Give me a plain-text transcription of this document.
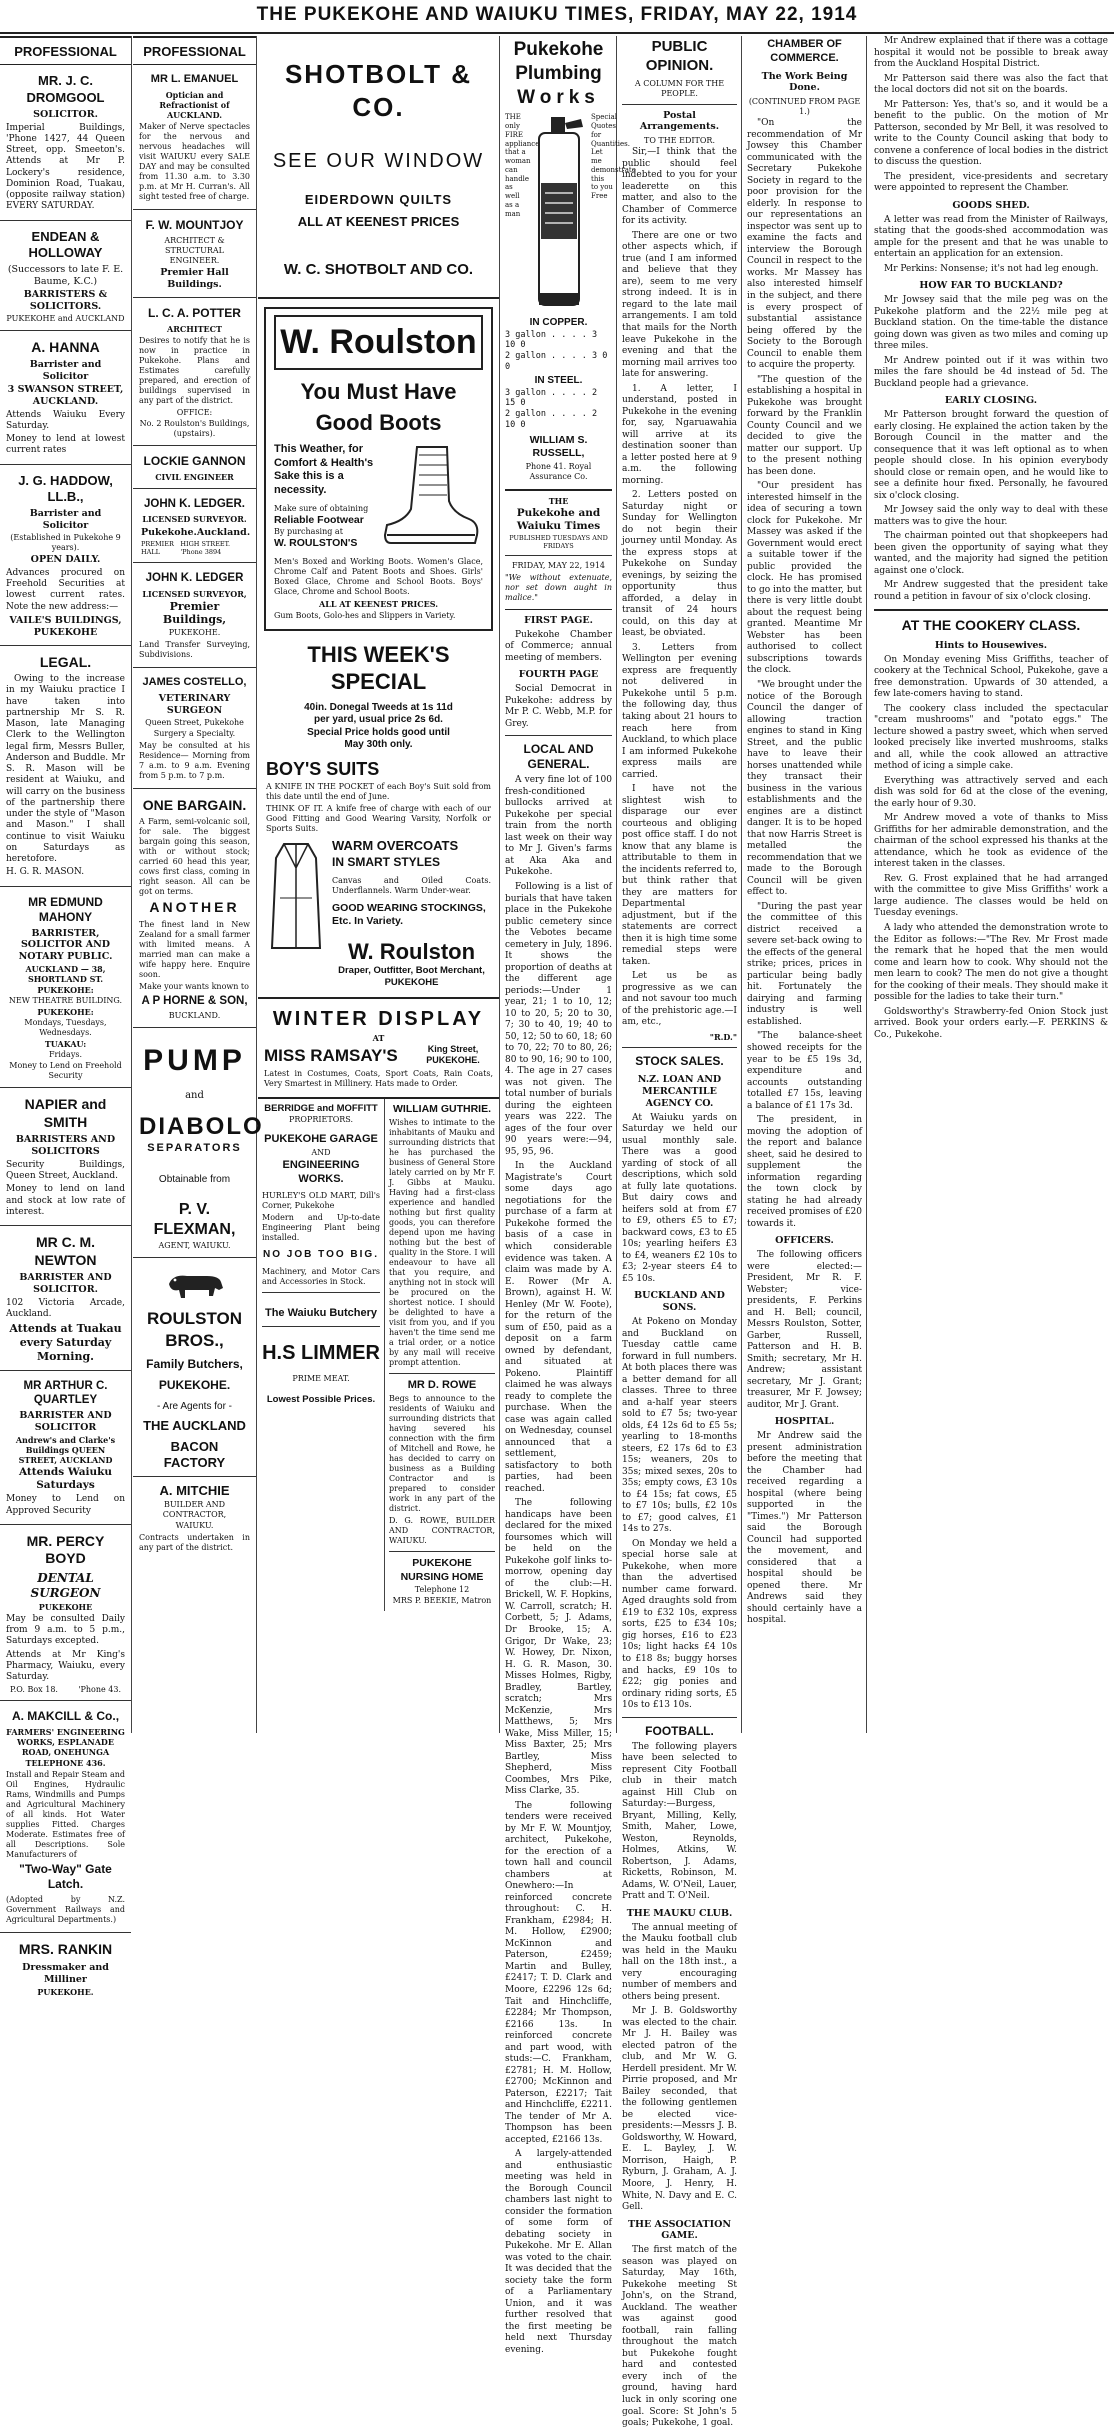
THE PUKEKOHE AND WAIUKU TIMES, FRIDAY, MAY 22, 1914
PROFESSIONAL
MR. J. C. DROMGOOL
SOLICITOR.
Imperial Buildings, 'Phone 1427, 44 Queen Street, opp. Smeeton's. Attends at Mr P. Lockery's residence, Dominion Road, Tuakau, (opposite railway station) EVERY SATURDAY.
ENDEAN & HOLLOWAY
(Successors to late F. E. Baume, K.C.)
BARRISTERS & SOLICITORS.
PUKEKOHE and AUCKLAND
A. HANNA
Barrister and Solicitor
3 SWANSON STREET, AUCKLAND.
Attends Waiuku Every Saturday.
Money to lend at lowest current rates
J. G. HADDOW, LL.B.,
Barrister and Solicitor
(Established in Pukekohe 9 years).
OPEN DAILY.
Advances procured on Freehold Securities at lowest current rates. Note the new address:—
VAILE'S BUILDINGS, PUKEKOHE
LEGAL.
Owing to the increase in my Waiuku practice I have taken into partnership Mr S. R. Mason, late Managing Clerk to the Wellington legal firm, Messrs Buller, Anderson and Buddle. Mr S. R. Mason will be resident at Waiuku, and will carry on the business of the partnership there under the style of "Mason and Mason." I shall continue to visit Waiuku on Saturdays as heretofore.
H. G. R. MASON.
MR EDMUND MAHONY
BARRISTER, SOLICITOR AND NOTARY PUBLIC.
AUCKLAND — 38, SHORTLAND ST.
PUKEKOHE:
NEW THEATRE BUILDING.
PUKEKOHE:
Mondays, Tuesdays, Wednesdays.
TUAKAU:
Fridays.
Money to Lend on Freehold Security
NAPIER and SMITH
BARRISTERS AND SOLICITORS
Security Buildings, Queen Street, Auckland.
Money to lend on land and stock at low rate of interest.
MR C. M. NEWTON
BARRISTER AND SOLICITOR.
102 Victoria Arcade, Auckland.
Attends at Tuakau every Saturday Morning.
MR ARTHUR C. QUARTLEY
BARRISTER AND SOLICITOR
Andrew's and Clarke's Buildings QUEEN STREET, AUCKLAND
Attends Waiuku Saturdays
Money to Lend on Approved Security
MR. PERCY BOYD
DENTAL SURGEON
PUKEKOHE
May be consulted Daily from 9 a.m. to 5 p.m., Saturdays excepted.
Attends at Mr King's Pharmacy, Waiuku, every Saturday.
P.O. Box 18.	'Phone 43.
A. MAKCILL & Co.,
FARMERS' ENGINEERING WORKS, ESPLANADE ROAD, ONEHUNGA
TELEPHONE 436.
Install and Repair Steam and Oil Engines, Hydraulic Rams, Windmills and Pumps and Agricultural Machinery of all kinds. Hot Water supplies Fitted. Charges Moderate. Estimates free of all Descriptions. Sole Manufacturers of
"Two-Way" Gate Latch.
(Adopted by N.Z. Government Railways and Agricultural Departments.)
MRS. RANKIN
Dressmaker and Milliner
PUKEKOHE.
PROFESSIONAL
MR L. EMANUEL
Optician and Refractionist of AUCKLAND.
Maker of Nerve spectacles for the nervous and nervous headaches will visit WAIUKU every SALE DAY and may be consulted from 11.30 a.m. to 3.30 p.m. at Mr H. Curran's. All sight tested free of charge.
F. W. MOUNTJOY
ARCHITECT & STRUCTURAL ENGINEER.
Premier Hall Buildings.
L. C. A. POTTER
ARCHITECT
Desires to notify that he is now in practice in Pukekohe. Plans and Estimates carefully prepared, and erection of buildings supervised in any part of the district.
OFFICE:
No. 2 Roulston's Buildings, (upstairs).
LOCKIE GANNON
CIVIL ENGINEER
JOHN K. LEDGER.
LICENSED SURVEYOR.
Pukekohe. Auckland.
PREMIER HALL
HIGH STREET. 'Phone 3894
JOHN K. LEDGER
LICENSED SURVEYOR,
Premier Buildings,
PUKEKOHE.
Land Transfer Surveying, Subdivisions.
JAMES COSTELLO,
VETERINARY SURGEON
Queen Street, Pukekohe
Surgery a Specialty.
May be consulted at his Residence— Morning from 7 a.m. to 9 a.m. Evening from 5 p.m. to 7 p.m.
ONE BARGAIN.
A Farm, semi-volcanic soil, for sale. The biggest bargain going this season, with or without stock; carried 60 head this year, cows first class, coming in right season. All can be got on terms.
ANOTHER
The finest land in New Zealand for a small farmer with limited means. A married man can make a wife happy here. Enquire soon.
Make your wants known to
A P HORNE & SON,
BUCKLAND.
PUMP
and
DIABOLO
SEPARATORS
Obtainable from
P. V. FLEXMAN,
AGENT, WAIUKU.
ROULSTON BROS.,
Family Butchers,
PUKEKOHE.
- Are Agents for -
THE AUCKLAND
BACON FACTORY
A. MITCHIE
BUILDER AND CONTRACTOR,
WAIUKU.
Contracts undertaken in any part of the district.
SHOTBOLT & CO.
SEE OUR WINDOW
EIDERDOWN QUILTS
ALL AT KEENEST PRICES
W. C. SHOTBOLT AND CO.
W. Roulston
You Must Have
Good Boots
This Weather, for Comfort & Health's Sake this is a necessity.
Make sure of obtaining
Reliable Footwear
By purchasing at
W. ROULSTON'S
Men's Boxed and Working Boots. Women's Glace, Chrome Calf and Patent Boots and Shoes. Girls' Boxed Glace, Chrome and School Boots. Boys' Glace, Chrome and School Boots.
ALL AT KEENEST PRICES.
Gum Boots, Golo-hes and Slippers in Variety.
THIS WEEK'S SPECIAL
40in. Donegal Tweeds at 1s 11d per yard, usual price 2s 6d. Special Price holds good until May 30th only.
BOY'S SUITS
A KNIFE IN THE POCKET of each Boy's Suit sold from this date until the end of June.
THINK OF IT. A knife free of charge with each of our Good Fitting and Good Wearing Varsity, Norfolk or Sports Suits.
WARM OVERCOATS
IN SMART STYLES
Canvas and Oiled Coats. Underflannels. Warm Under-wear.
GOOD WEARING STOCKINGS, Etc. In Variety.
W. Roulston
Draper, Outfitter, Boot Merchant, PUKEKOHE
WINTER DISPLAY
AT
MISS RAMSAY'S	King Street, PUKEKOHE.
Latest in Costumes, Coats, Sport Coats, Rain Coats, Very Smartest in Millinery. Hats made to Order.
BERRIDGE and MOFFITT
PROPRIETORS.
PUKEKOHE GARAGE
AND
ENGINEERING WORKS.
HURLEY'S OLD MART, Dill's Corner, Pukekohe
Modern and Up-to-date Engineering Plant being installed.
NO JOB TOO BIG.
Machinery, and Motor Cars and Accessories in Stock.
The Waiuku Butchery
H.S LIMMER
PRIME MEAT.
Lowest Possible Prices.
WILLIAM GUTHRIE.
Wishes to intimate to the inhabitants of Mauku and surrounding districts that he has purchased the business of General Store lately carried on by Mr F. J. Gibbs at Mauku. Having had a first-class experience and handled nothing but first quality goods, you can therefore depend upon me having nothing but the best of quality in the Store. I will endeavour to have all that you require, and anything not in stock will be procured on the shortest notice. I should be delighted to have a visit from you, and if you haven't the time send me a trial order, or a notice by any mail will receive prompt attention.
MR D. ROWE
Begs to announce to the residents of Waiuku and surrounding districts that having severed his connection with the firm of Mitchell and Rowe, he has decided to carry on business as a Building Contractor and is prepared to consider work in any part of the district.
D. G. ROWE, BUILDER AND CONTRACTOR, WAIUKU.
PUKEKOHE NURSING HOME
Telephone 12
MRS P. BEEKIE, Matron
Pukekohe
Plumbing
Works
THE only FIRE appliance that a woman can handle as well as a man
Special Quotes for Quantities. Let me demonstrate this to you Free
IN COPPER.
3 gallon . . . . 3 10 0
2 gallon . . . . 3 0 0
IN STEEL.
3 gallon . . . . 2 15 0
2 gallon . . . . 2 10 0
WILLIAM S. RUSSELL,
Phone 41. Royal Assurance Co.
THE
Pukekohe and Waiuku Times
PUBLISHED TUESDAYS AND FRIDAYS
FRIDAY, MAY 22, 1914
"We without extenuate, nor set down aught in malice."
FIRST PAGE.

Pukekohe Chamber of Commerce; annual meeting of members.

FOURTH PAGE

Social Democrat in Pukekohe: address by Mr P. C. Webb, M.P. for Grey.

LOCAL AND GENERAL.

A very fine lot of 100 fresh-conditioned bullocks arrived at Pukekohe per special train from the north last week on their way to Mr J. Given's farms at Aka Aka and Pukekohe.

Following is a list of burials that have taken place in the Pukekohe public cemetery since the Vebotes became cemetery in July, 1896. It shows the proportion of deaths at the different age periods:—Under 1 year, 21; 1 to 10, 12; 10 to 20, 5; 20 to 30, 7; 30 to 40, 19; 40 to 50, 12; 50 to 60, 18; 60 to 70, 22; 70 to 80, 26; 80 to 90, 16; 90 to 100, 4. The age in 27 cases was not given. The total number of burials during the eighteen years was 222. The ages of the four over 90 years were:—94, 95, 95, 96.

In the Auckland Magistrate's Court some days ago negotiations for the purchase of a farm at Pukekohe formed the basis of a case in which considerable evidence was taken. A claim was made by A. E. Rower (Mr A. Brown), against H. W. Henley (Mr W. Foote), for the return of the sum of £50, paid as a deposit on a farm owned by defendant, and situated at Pokeno. Plaintiff claimed he was always ready to complete the purchase. When the case was again called on Wednesday, counsel announced that a settlement, satisfactory to both parties, had been reached.

The following handicaps have been declared for the mixed foursomes which will be held on the Pukekohe golf links to-morrow, opening day of the club:—H. Brickell, W. F. Hopkins, W. Carroll, scratch; H. Corbett, 5; J. Adams, Dr Brooke, 15; A. Grigor, Dr Wake, 23; W. Howey, Dr. Nixon, H. G. R. Mason, 30. Misses Holmes, Rigby, Bradley, Bartley, scratch; Mrs McKenzie, Mrs Matthews, 5; Mrs Wake, Miss Miller, 15; Miss Baxter, 25; Mrs Bartley, Miss Shepherd, Miss Coombes, Mrs Pike, Miss Clarke, 35.

The following tenders were received by Mr F. W. Mountjoy, architect, Pukekohe, for the erection of a town hall and council chambers at Onewhero:—In reinforced concrete throughout: C. H. Frankham, £2984; H. M. Hollow, £2900; McKinnon and Paterson, £2459; Martin and Bulley, £2417; T. D. Clark and Moore, £2296 12s 6d; Tait and Hinchcliffe, £2284; Mr Thompson, £2166 13s. In reinforced concrete and part wood, with studs:—C. Frankham, £2781; H. M. Hollow, £2700; McKinnon and Paterson, £2217; Tait and Hinchcliffe, £2211. The tender of Mr A. Thompson has been accepted, £2166 13s.

A largely-attended and enthusiastic meeting was held in the Borough Council chambers last night to consider the formation of some form of debating society in Pukekohe. Mr E. Allan was voted to the chair. It was decided that the society take the form of a Parliamentary Union, and it was further resolved that the first meeting be held next Thursday evening.

PUBLIC OPINION.
A COLUMN FOR THE PEOPLE.
Postal Arrangements.
TO THE EDITOR.

Sir,—I think that the public should feel indebted to you for your leaderette on this matter, and also to the Chamber of Commerce for its activity.

There are one or two other aspects which, if true (and I am informed and believe that they are), seem to me very strong indeed. It is in regard to the late mail arrangements. I am told that mails for the North leave Pukekohe in the evening and that the morning mail arrives too late for answering.

1. A letter, I understand, posted in Pukekohe in the evening for, say, Ngaruawahia will arrive at its destination sooner than a letter posted here at 9 a.m. the following morning.

2. Letters posted on Saturday night or Sunday for Wellington do not begin their journey until Monday. As the express stops at Pukekohe on Sunday evenings, by seizing the opportunity thus afforded, a delay in transit of 24 hours could, on this day at least, be obviated.

3. Letters from Wellington per evening express are frequently not delivered in Pukekohe until 5 p.m. the following day, thus taking about 21 hours to reach here from Auckland, to which place I am informed Pukekohe express mails are carried.

I have not the slightest wish to disparage our ever courteous and obliging post office staff. I do not know that any blame is attributable to them in the incidents referred to, but think rather that they are matters for Departmental adjustment, but if the statements are correct then it is high time some remedial steps were taken.

Let us be as progressive as we can and not savour too much of the prehistoric age.—I am, etc.,

"R.D."
STOCK SALES.
N.Z. LOAN AND MERCANTILE AGENCY CO.

At Waiuku yards on Saturday we held our usual monthly sale. There was a good yarding of stock of all descriptions, which sold at fully late quotations. But dairy cows and heifers sold at from £7 to £9, others £5 to £7; backward cows, £3 to £5 10s; yearling heifers £3 to £4, weaners £2 10s to £3; 2-year steers £4 to £5 10s.

BUCKLAND AND SONS.

At Pokeno on Monday and Buckland on Tuesday cattle came forward in full numbers. At both places there was a better demand for all classes. Three to three and a-half year steers sold to £7 5s; two-year olds, £4 12s 6d to £5 5s; yearling to 18-months steers, £2 17s 6d to £3 15s; weaners, 20s to 35s; mixed sexes, 20s to 35s; empty cows, £3 10s to £4 15s; fat cows, £5 to £7 10s; bulls, £2 10s to £7; good calves, £1 14s to 27s.

On Monday we held a special horse sale at Pukekohe, when more than the advertised number came forward. Aged draughts sold from £19 to £32 10s, express sorts, £25 to £34 10s; gig horses, £16 to £23 10s; light hacks £4 10s to £18 8s; buggy horses and hacks, £9 10s to £22; gig ponies and ordinary riding sorts, £5 10s to £13 10s.

FOOTBALL.

The following players have been selected to represent City Football club in their match against Hill Club on Saturday:—Burgess, Bryant, Milling, Kelly, Smith, Maher, Lowe, Weston, Reynolds, Holmes, Atkins, W. Robertson, J. Adams, Ricketts, Robinson, M. Adams, W. O'Neil, Lauer, Pratt and T. O'Neil.

THE MAUKU CLUB.

The annual meeting of the Mauku football club was held in the Mauku hall on the 18th inst., a very encouraging number of members and others being present.

Mr J. B. Goldsworthy was elected to the chair. Mr J. H. Bailey was elected patron of the club, and Mr W. G. Herdell president. Mr W. Pirrie proposed, and Mr Bailey seconded, that the following gentlemen be elected vice-presidents:—Messrs J. B. Goldsworthy, W. Howard, E. L. Bayley, J. W. Morrison, Haigh, P. Ryburn, J. Graham, A. J. Moore, J. Henry, H. White, N. Davy and E. C. Gell.

THE ASSOCIATION GAME.

The first match of the season was played on Saturday, May 16th, Pukekohe meeting St John's, on the Strand, Auckland. The weather was against good football, rain falling throughout the match but Pukekohe fought hard and contested every inch of the ground, having hard luck in only scoring one goal. Score: St John's 5 goals; Pukekohe, 1 goal.

CHAMBER OF COMMERCE.
The Work Being Done.
(CONTINUED FROM PAGE 1.)

"On the recommendation of Mr Jowsey this Chamber communicated with the Secretary Pukekohe Society in regard to the poor provision for the elderly. In response to our representations an inspector was sent up to examine the facts and interview the Borough Council in respect to the works. Mr Massey has also interested himself in the subject, and there is every prospect of substantial assistance being offered by the Society to the Borough Council to enable them to acquire the property.

"The question of the establishing a hospital in Pukekohe was brought forward by the Franklin County Council and we decided to give the matter our support. Up to the present nothing has been done.

"Our president has interested himself in the idea of securing a town clock for Pukekohe. Mr Massey was asked if the Government would erect a suitable tower if the public provided the clock. He has promised to go into the matter, but there is very little doubt about the request being granted. Meantime Mr Webster has been authorised to collect subscriptions towards the clock.

"We brought under the notice of the Borough Council the danger of allowing traction engines to stand in King Street, and the public have to leave their horses unattended while they transact their business in the various establishments and the engines are a distinct danger. It is to be hoped that now Harris Street is metalled the recommendation that we made to the Borough Council will be given effect to.

"During the past year the committee of this district received a severe set-back owing to the effects of the general strike; prices, prices in particular being badly hit. Fortunately the dairying and farming industry is well established.

"The balance-sheet showed receipts for the year to be £5 19s 3d, expenditure and accounts outstanding totalled £7 15s, leaving a balance of £1 17s 3d.

The president, in moving the adoption of the report and balance sheet, said he desired to supplement the information regarding the town clock by stating he had already received promises of £20 towards it.

OFFICERS.

The following officers were elected:—President, Mr R. F. Webster; vice-presidents, F. Perkins and H. Bell; council, Messrs Roulston, Sotter, Garber, Russell, Patterson and H. B. Smith; secretary, Mr H. Andrew; assistant secretary, Mr J. Grant; treasurer, Mr F. Jowsey; auditor, Mr J. Grant.

HOSPITAL.

Mr Andrew said the present administration before the meeting that the Chamber had received regarding a hospital (where being supported in the "Times.") Mr Patterson said the Borough Council had supported the movement, and considered that a hospital should be opened there. Mr Andrews said they should certainly have a hospital.

Mr Andrew explained that if there was a cottage hospital it would not be possible to break away from the Auckland Hospital District.

Mr Patterson said there was also the fact that the local doctors did not sit on the boards.

Mr Patterson: Yes, that's so, and it would be a benefit to the public. On the motion of Mr Patterson, seconded by Mr Bell, it was resolved to write to the County Council asking that body to convene a conference of local bodies in the district to discuss the question.

The president, vice-presidents and secretary were appointed to represent the Chamber.

GOODS SHED.

A letter was read from the Minister of Railways, stating that the goods-shed accommodation was ample for the present and that he was unable to entertain an application for an extension.

Mr Perkins: Nonsense; it's not had leg enough.

HOW FAR TO BUCKLAND?

Mr Jowsey said that the mile peg was on the Pukekohe platform and the 22½ mile peg at Buckland station. On the time-table the distance going down was given as two miles and coming up three miles.

Mr Andrew pointed out if it was within two miles the fare should be 4d instead of 5d. The Buckland people had a grievance.

EARLY CLOSING.

Mr Patterson brought forward the question of early closing. He explained the action taken by the Borough Council in the matter and the consequence that it was left optional as to when people should close. In his opinion everybody should close or remain open, and he would like to see a definite hour fixed. Personally, he favoured six o'clock closing.

Mr Jowsey said the only way to deal with these matters was to give the hour.

The chairman pointed out that shopkeepers had been given the opportunity of saying what they wanted, and the majority had signed the petition against one o'clock.

Mr Andrew suggested that the president take round a petition in favour of six o'clock closing.

AT THE COOKERY CLASS.
Hints to Housewives.

On Monday evening Miss Griffiths, teacher of cookery at the Technical School, Pukekohe, gave a free demonstration. Upwards of 30 attended, a few late-comers having to stand.

The cookery class included the spectacular "cream mushrooms" and "potato eggs." The lecture showed a pastry sweet, which when served looked precisely like inverted mushrooms, stalks and all, while the cook allowed an attractive method of icing a simple cake.

Everything was attractively served and each dish was sold for 6d at the close of the evening, the early hour of 9.30.

Mr Andrew moved a vote of thanks to Miss Griffiths for her admirable demonstration, and the chairman of the school expressed his thanks at the attendance, which he took as evidence of the interest taken in the classes.

Rev. G. Frost explained that he had arranged with the committee to give Miss Griffiths' work a large audience. The classes would be held on Tuesday evenings.

A lady who attended the demonstration wrote to the Editor as follows:—"The Rev. Mr Frost made the remark that he hoped that the men would come and learn how to cook. Why should not the men learn to cook? The men do not give a thought for the cooking of their meals. They should make it possible for the ladies to take their turn."

Goldsworthy's Strawberry-fed Onion Stock just arrived. Book your orders early.—F. PERKINS & Co., Pukekohe.
